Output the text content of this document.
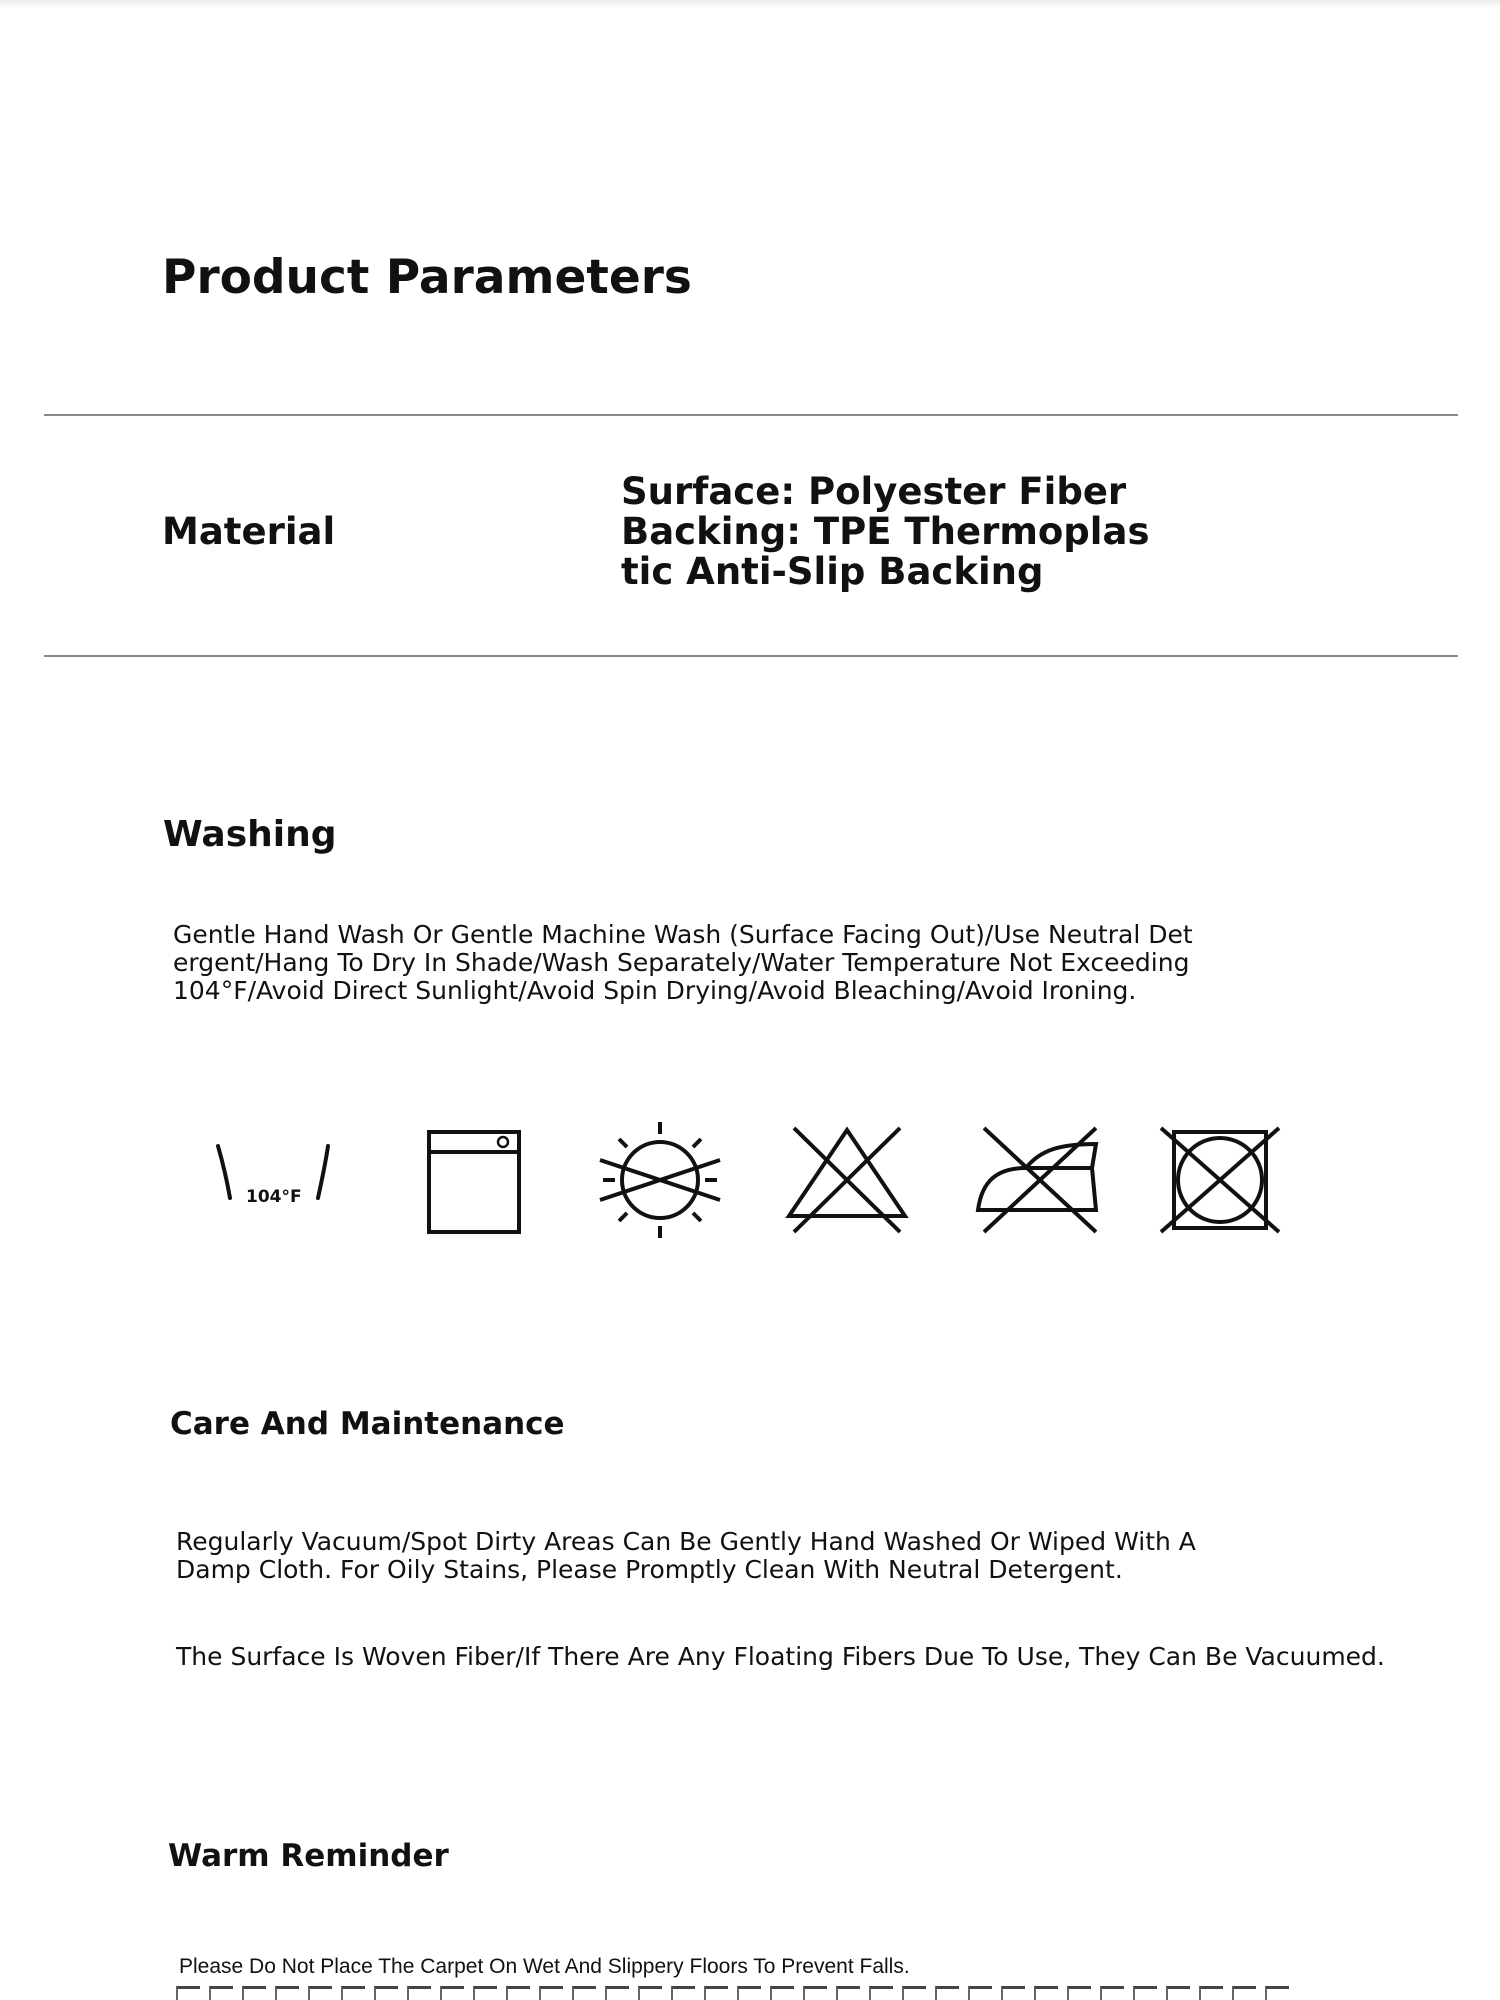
Product Parameters
Material
Surface: Polyester Fiber Backing: TPE Thermoplastic Anti-Slip Backing
Washing

Gentle Hand Wash Or Gentle Machine Wash (Surface Facing Out)/Use Neutral Detergent/Hang To Dry In Shade/Wash Separately/Water Temperature Not Exceeding 104°F/Avoid Direct Sunlight/Avoid Spin Drying/Avoid Bleaching/Avoid Ironing.

104°F
Care And Maintenance

Regularly Vacuum/Spot Dirty Areas Can Be Gently Hand Washed Or Wiped With A Damp Cloth. For Oily Stains, Please Promptly Clean With Neutral Detergent.

The Surface Is Woven Fiber/If There Are Any Floating Fibers Due To Use, They Can Be Vacuumed.

Warm Reminder

Please Do Not Place The Carpet On Wet And Slippery Floors To Prevent Falls.
